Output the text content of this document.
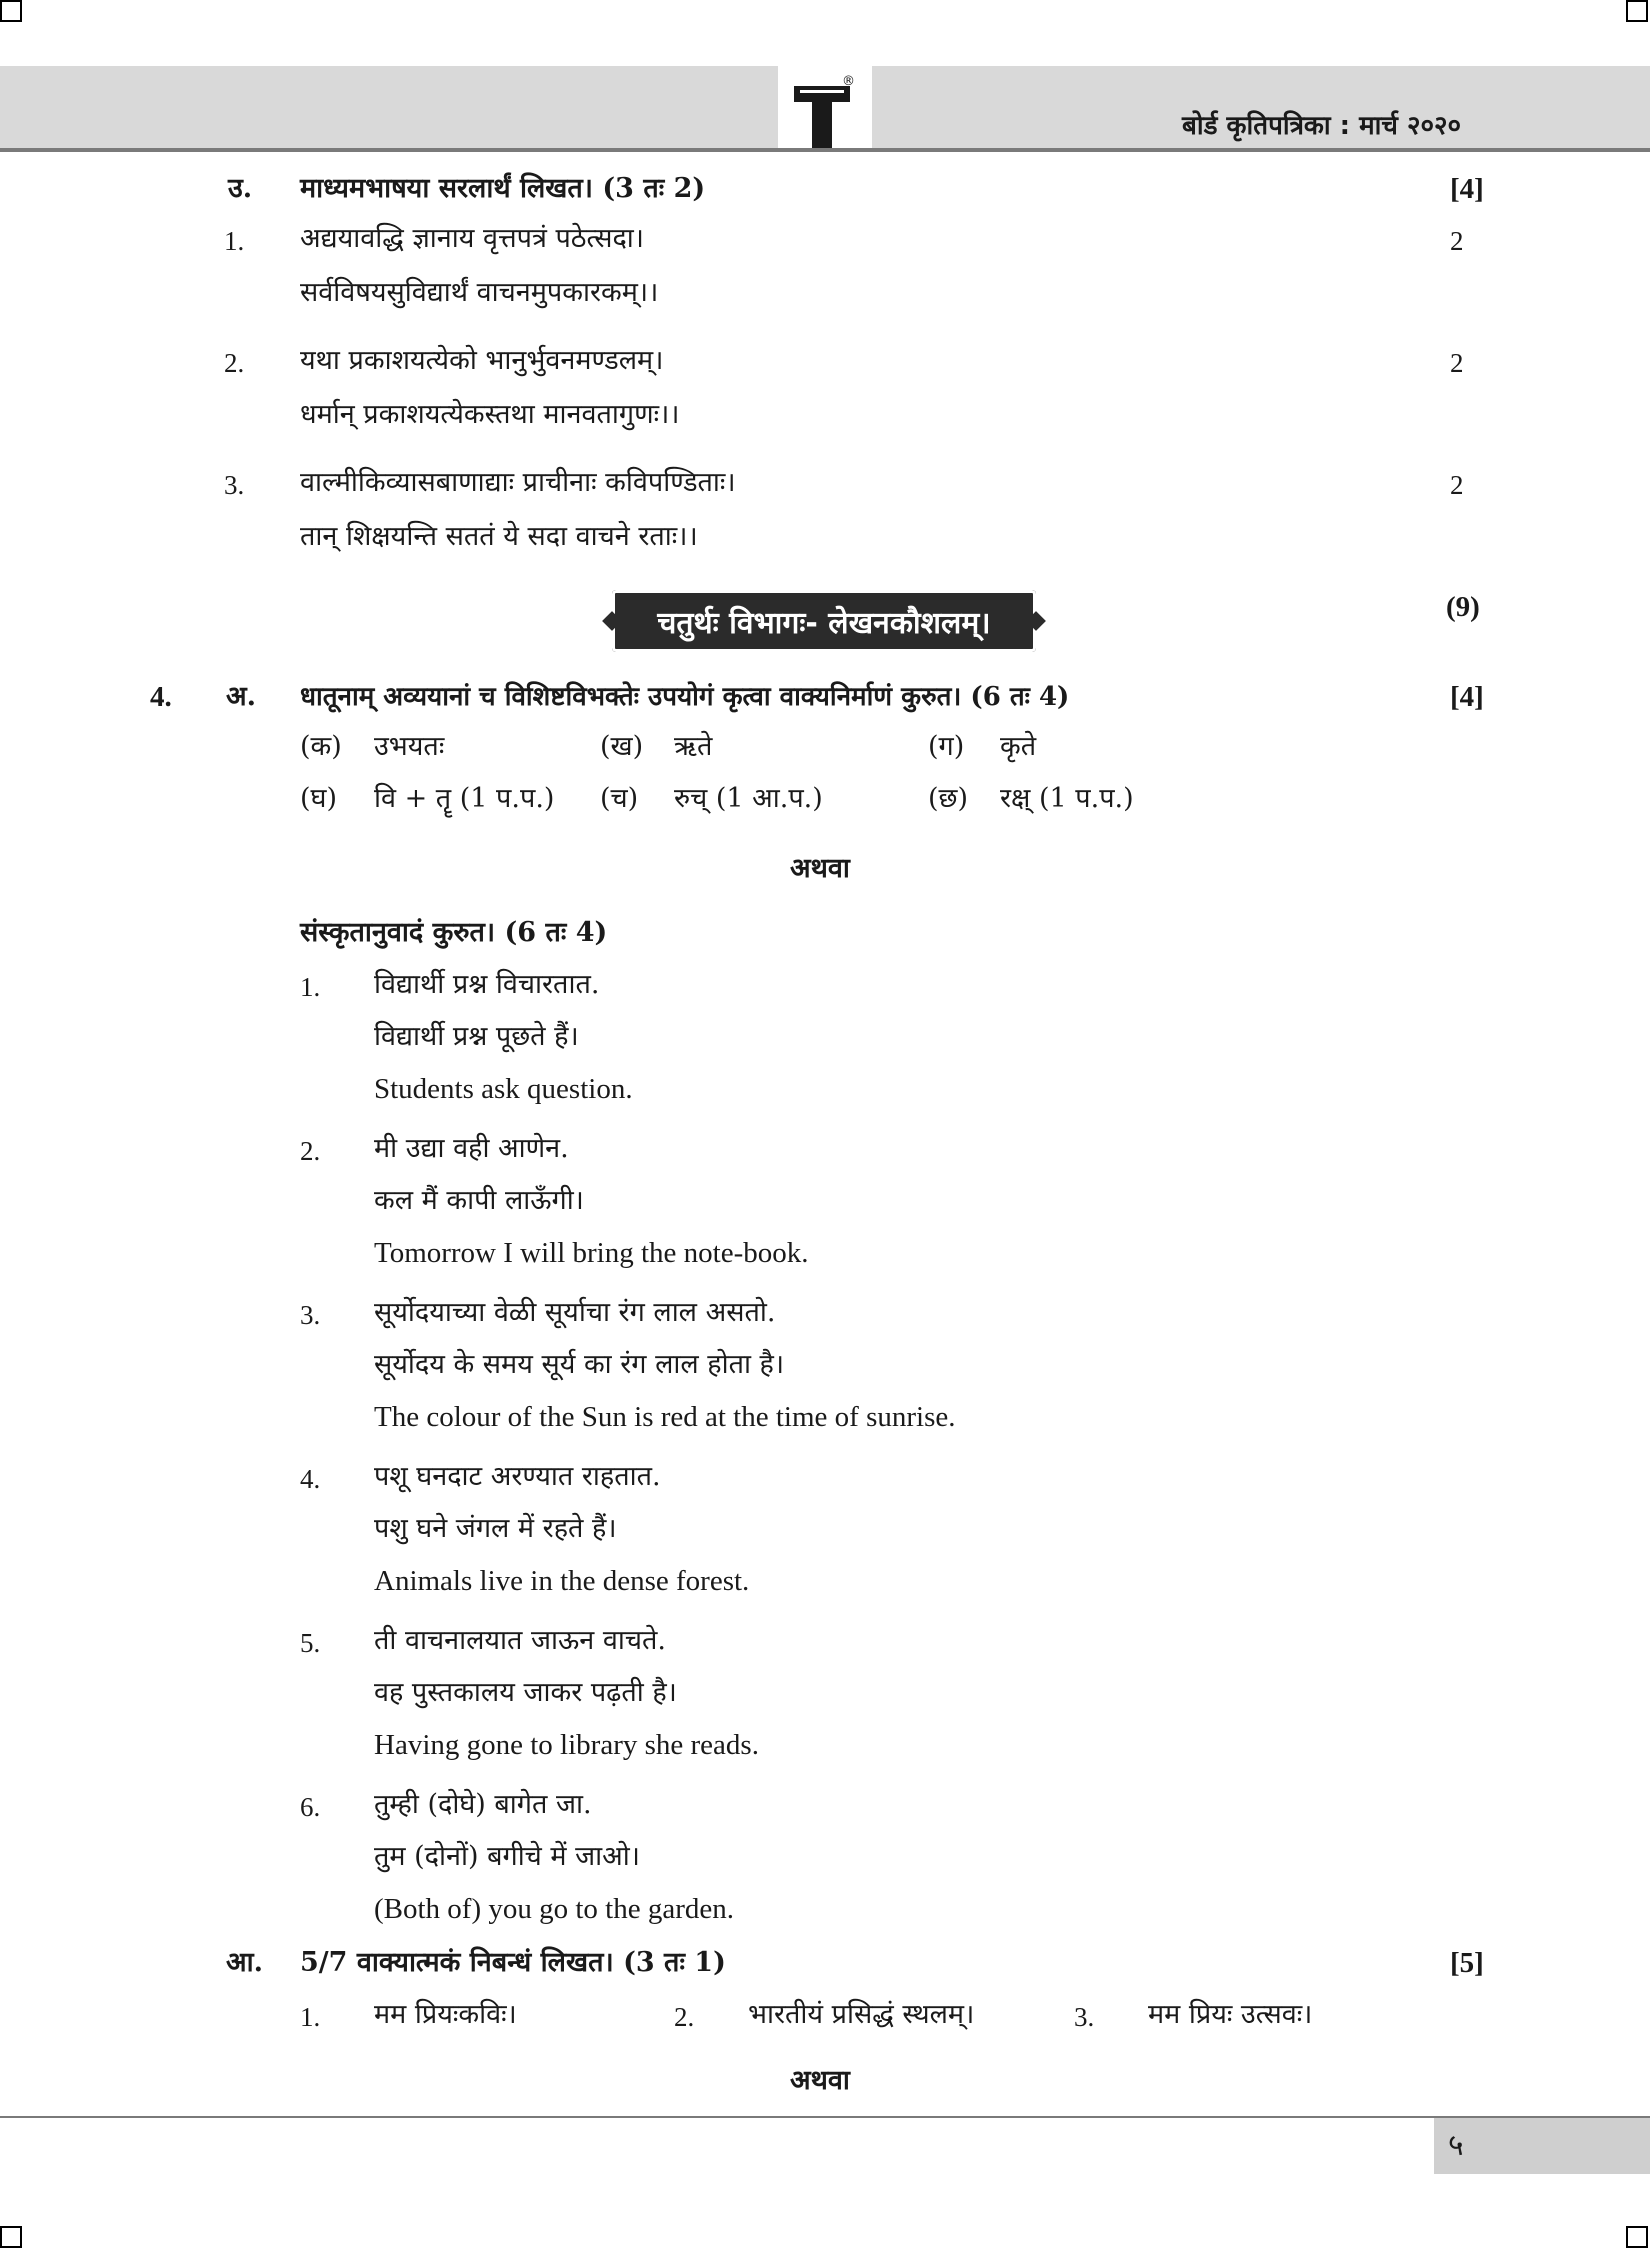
®
बोर्ड कृतिपत्रिका : मार्च २०२०
उ. माध्यमभाषया सरलार्थं लिखत। (3 तः 2)	[4]
1. अद्ययावद्धि ज्ञानाय वृत्तपत्रं पठेत्सदा।	2
सर्वविषयसुविद्यार्थं वाचनमुपकारकम्।।
2. यथा प्रकाशयत्येको भानुर्भुवनमण्डलम्।	2
धर्मान् प्रकाशयत्येकस्तथा मानवतागुणः।।
3. वाल्मीकिव्यासबाणाद्याः प्राचीनाः कविपण्डिताः।	2
तान् शिक्षयन्ति सततं ये सदा वाचने रताः।।
चतुर्थः विभागः- लेखनकौशलम्।	(9)
4. अ. धातूनाम् अव्ययानां च विशिष्टविभक्तेः उपयोगं कृत्वा वाक्यनिर्माणं कुरुत। (6 तः 4)	[4]
(क) उभयतः	(ख) ऋते	(ग) कृते
(घ) वि + तॄ (1 प.प.) (च) रुच् (1 आ.प.)	(छ) रक्ष् (1 प.प.)
अथवा
संस्कृतानुवादं कुरुत। (6 तः 4)
1. विद्यार्थी प्रश्न विचारतात.
विद्यार्थी प्रश्न पूछते हैं।
Students ask question.
2. मी उद्या वही आणेन.
कल मैं कापी लाऊँगी।
Tomorrow I will bring the note-book.
3. सूर्योदयाच्या वेळी सूर्याचा रंग लाल असतो.
सूर्योदय के समय सूर्य का रंग लाल होता है।
The colour of the Sun is red at the time of sunrise.
4. पशू घनदाट अरण्यात राहतात.
पशु घने जंगल में रहते हैं।
Animals live in the dense forest.
5. ती वाचनालयात जाऊन वाचते.
वह पुस्तकालय जाकर पढ़ती है।
Having gone to library she reads.
6. तुम्ही (दोघे) बागेत जा.
तुम (दोनों) बगीचे में जाओ।
(Both of) you go to the garden.
आ. 5/7 वाक्यात्मकं निबन्धं लिखत। (3 तः 1)	[5]
1. मम प्रियःकविः।	2. भारतीयं प्रसिद्धं स्थलम्।	3. मम प्रियः उत्सवः।
अथवा
५
